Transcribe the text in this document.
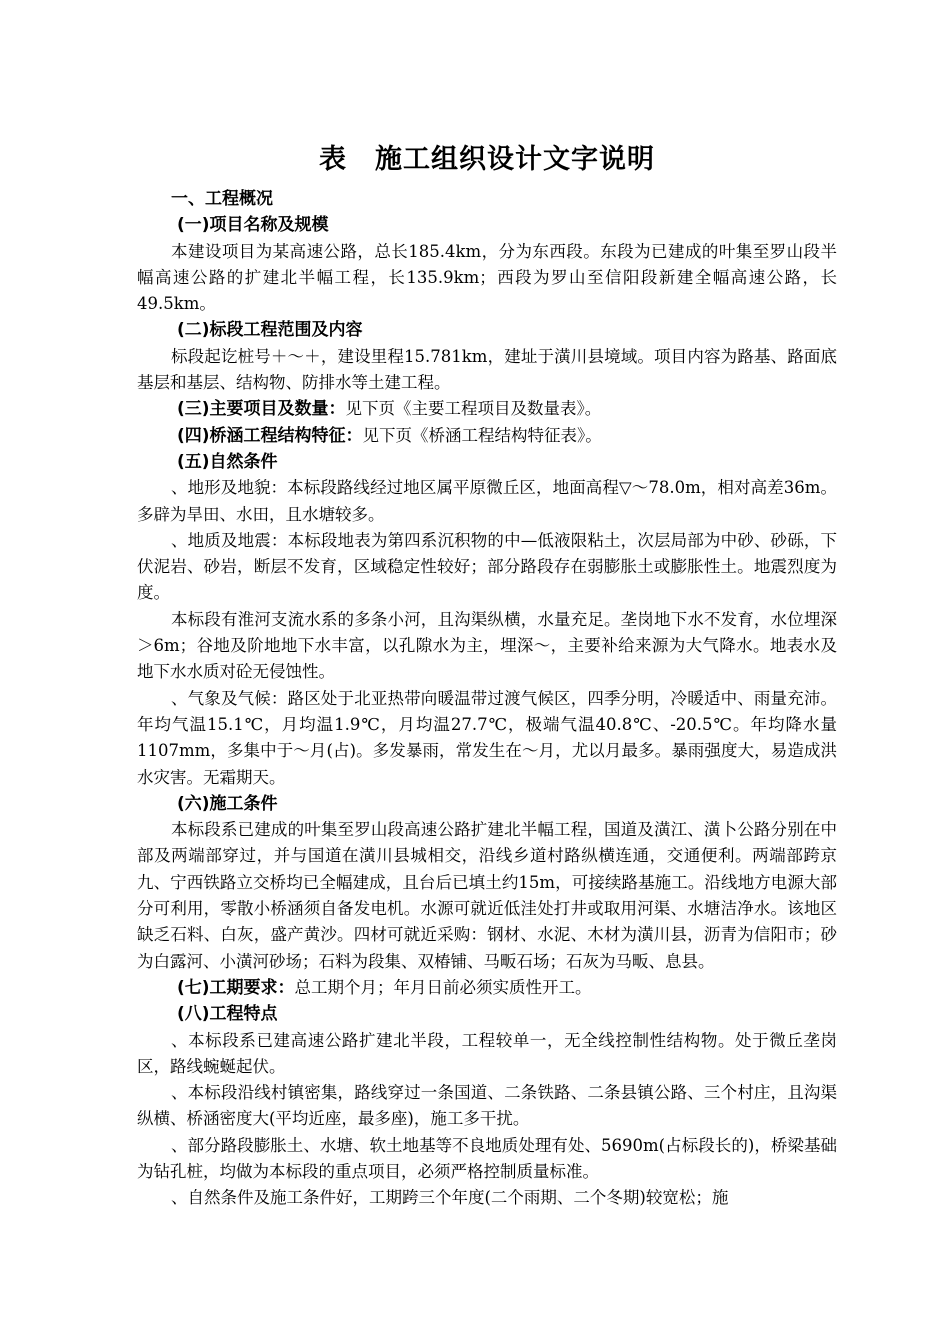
表　施工组织设计文字说明
一、工程概况
(一)项目名称及规模

本建设项目为某高速公路，总长185.4km，分为东西段。东段为已建成的叶集至罗山段半幅高速公路的扩建北半幅工程，长135.9km；西段为罗山至信阳段新建全幅高速公路，长49.5km。

(二)标段工程范围及内容

标段起讫桩号＋～＋，建设里程15.781km，建址于潢川县境域。项目内容为路基、路面底基层和基层、结构物、防排水等土建工程。

(三)主要项目及数量：见下页《主要工程项目及数量表》。

(四)桥涵工程结构特征：见下页《桥涵工程结构特征表》。

(五)自然条件

、地形及地貌：本标段路线经过地区属平原微丘区，地面高程▽～78.0m，相对高差36m。多辟为旱田、水田，且水塘较多。

、地质及地震：本标段地表为第四系沉积物的中—低液限粘土，次层局部为中砂、砂砾，下伏泥岩、砂岩，断层不发育，区域稳定性较好；部分路段存在弱膨胀土或膨胀性土。地震烈度为度。

本标段有淮河支流水系的多条小河，且沟渠纵横，水量充足。垄岗地下水不发育，水位埋深＞6m；谷地及阶地地下水丰富，以孔隙水为主，埋深～，主要补给来源为大气降水。地表水及地下水水质对砼无侵蚀性。

、气象及气候：路区处于北亚热带向暖温带过渡气候区，四季分明，冷暖适中、雨量充沛。年均气温15.1℃，月均温1.9℃，月均温27.7℃，极端气温40.8℃、-20.5℃。年均降水量1107mm，多集中于～月(占)。多发暴雨，常发生在～月，尤以月最多。暴雨强度大，易造成洪水灾害。无霜期天。

(六)施工条件

本标段系已建成的叶集至罗山段高速公路扩建北半幅工程，国道及潢江、潢卜公路分别在中部及两端部穿过，并与国道在潢川县城相交，沿线乡道村路纵横连通，交通便利。两端部跨京九、宁西铁路立交桥均已全幅建成，且台后已填土约15m，可接续路基施工。沿线地方电源大部分可利用，零散小桥涵须自备发电机。水源可就近低洼处打井或取用河渠、水塘洁净水。该地区缺乏石料、白灰，盛产黄沙。四材可就近采购：钢材、水泥、木材为潢川县，沥青为信阳市；砂为白露河、小潢河砂场；石料为段集、双椿铺、马畈石场；石灰为马畈、息县。

(七)工期要求：总工期个月；年月日前必须实质性开工。

(八)工程特点

、本标段系已建高速公路扩建北半段，工程较单一，无全线控制性结构物。处于微丘垄岗区，路线蜿蜒起伏。

、本标段沿线村镇密集，路线穿过一条国道、二条铁路、二条县镇公路、三个村庄，且沟渠纵横、桥涵密度大(平均近座，最多座)，施工多干扰。

、部分路段膨胀土、水塘、软土地基等不良地质处理有处、5690m(占标段长的)，桥梁基础为钻孔桩，均做为本标段的重点项目，必须严格控制质量标准。

、自然条件及施工条件好，工期跨三个年度(二个雨期、二个冬期)较宽松；施
